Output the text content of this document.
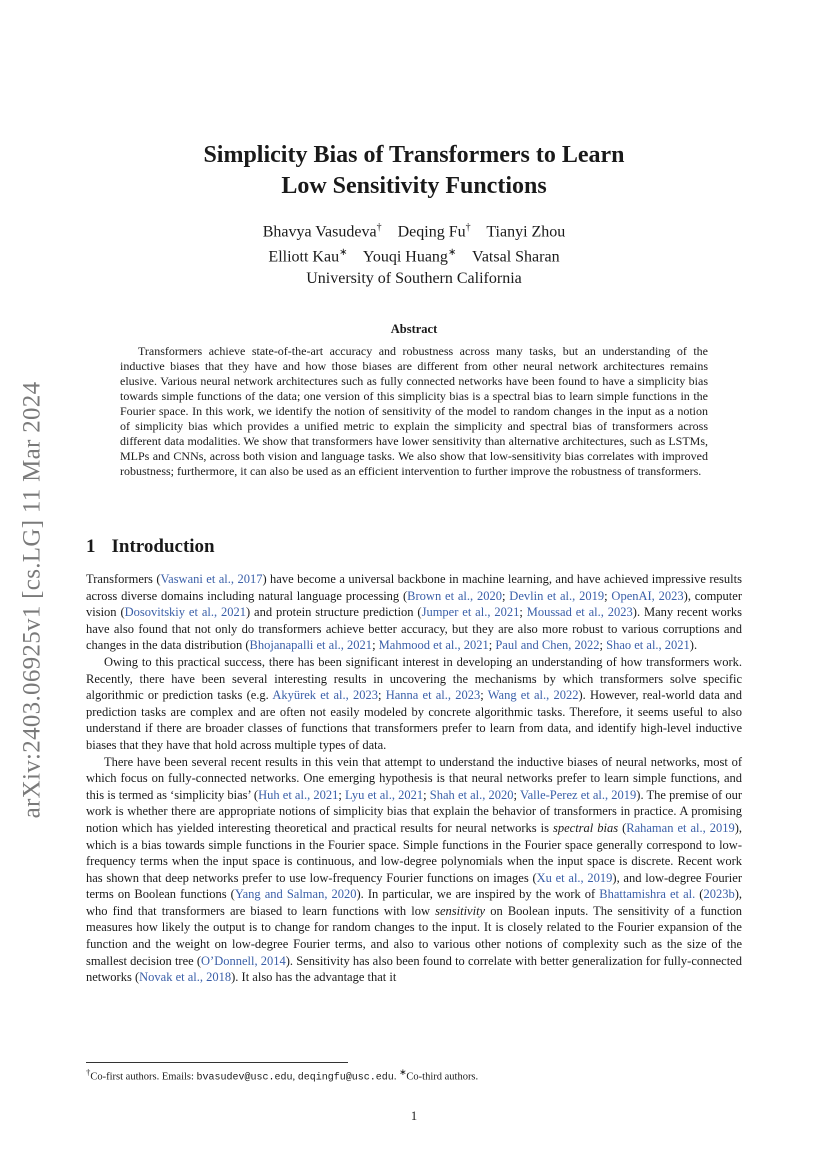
arXiv:2403.06925v1 [cs.LG] 11 Mar 2024
Simplicity Bias of Transformers to Learn
Low Sensitivity Functions
Bhavya Vasudeva† Deqing Fu† Tianyi Zhou
Elliott Kau∗ Youqi Huang∗ Vatsal Sharan
University of Southern California
Abstract
Transformers achieve state-of-the-art accuracy and robustness across many tasks, but an understanding of the inductive biases that they have and how those biases are different from other neural network architectures remains elusive. Various neural network architectures such as fully connected networks have been found to have a simplicity bias towards simple functions of the data; one version of this simplicity bias is a spectral bias to learn simple functions in the Fourier space. In this work, we identify the notion of sensitivity of the model to random changes in the input as a notion of simplicity bias which provides a unified metric to explain the simplicity and spectral bias of transformers across different data modalities. We show that transformers have lower sensitivity than alternative architectures, such as LSTMs, MLPs and CNNs, across both vision and language tasks. We also show that low-sensitivity bias correlates with improved robustness; furthermore, it can also be used as an efficient intervention to further improve the robustness of transformers.
1 Introduction

Transformers (Vaswani et al., 2017) have become a universal backbone in machine learning, and have achieved impressive results across diverse domains including natural language processing (Brown et al., 2020; Devlin et al., 2019; OpenAI, 2023), computer vision (Dosovitskiy et al., 2021) and protein structure prediction (Jumper et al., 2021; Moussad et al., 2023). Many recent works have also found that not only do transformers achieve better accuracy, but they are also more robust to various corruptions and changes in the data distribution (Bhojanapalli et al., 2021; Mahmood et al., 2021; Paul and Chen, 2022; Shao et al., 2021).

Owing to this practical success, there has been significant interest in developing an understanding of how transformers work. Recently, there have been several interesting results in uncovering the mechanisms by which transformers solve specific algorithmic or prediction tasks (e.g. Akyürek et al., 2023; Hanna et al., 2023; Wang et al., 2022). However, real-world data and prediction tasks are complex and are often not easily modeled by concrete algorithmic tasks. Therefore, it seems useful to also understand if there are broader classes of functions that transformers prefer to learn from data, and identify high-level inductive biases that they have that hold across multiple types of data.

There have been several recent results in this vein that attempt to understand the inductive biases of neural networks, most of which focus on fully-connected networks. One emerging hypothesis is that neural networks prefer to learn simple functions, and this is termed as ‘simplicity bias’ (Huh et al., 2021; Lyu et al., 2021; Shah et al., 2020; Valle-Perez et al., 2019). The premise of our work is whether there are appropriate notions of simplicity bias that explain the behavior of transformers in practice. A promising notion which has yielded interesting theoretical and practical results for neural networks is spectral bias (Rahaman et al., 2019), which is a bias towards simple functions in the Fourier space. Simple functions in the Fourier space generally correspond to low-frequency terms when the input space is continuous, and low-degree polynomials when the input space is discrete. Recent work has shown that deep networks prefer to use low-frequency Fourier functions on images (Xu et al., 2019), and low-degree Fourier terms on Boolean functions (Yang and Salman, 2020). In particular, we are inspired by the work of Bhattamishra et al. (2023b), who find that transformers are biased to learn functions with low sensitivity on Boolean inputs. The sensitivity of a function measures how likely the output is to change for random changes to the input. It is closely related to the Fourier expansion of the function and the weight on low-degree Fourier terms, and also to various other notions of complexity such as the size of the smallest decision tree (O’Donnell, 2014). Sensitivity has also been found to correlate with better generalization for fully-connected networks (Novak et al., 2018). It also has the advantage that it

†Co-first authors. Emails: bvasudev@usc.edu, deqingfu@usc.edu. ∗Co-third authors.
1
